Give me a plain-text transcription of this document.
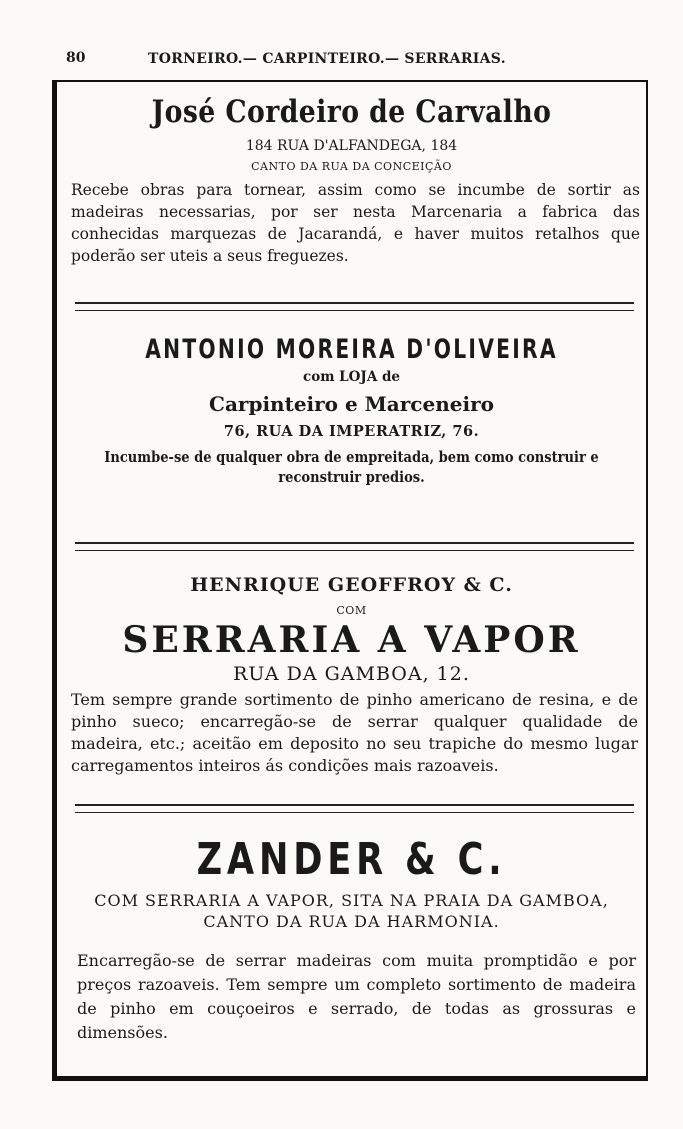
80	TORNEIRO.— CARPINTEIRO.— SERRARIAS.
José Cordeiro de Carvalho
184 RUA D'ALFANDEGA, 184
CANTO DA RUA DA CONCEIÇÃO
Recebe obras para tornear, assim como se incumbe de sortir as madeiras necessarias, por ser nesta Marcenaria a fabrica das conhecidas marquezas de Jacarandá, e haver muitos retalhos que poderão ser uteis a seus freguezes.
ANTONIO MOREIRA D'OLIVEIRA
com LOJA de
Carpinteiro e Marceneiro
76, RUA DA IMPERATRIZ, 76.
Incumbe-se de qualquer obra de empreitada, bem como construir e
reconstruir predios.
HENRIQUE GEOFFROY & C.
COM
SERRARIA A VAPOR
RUA DA GAMBOA, 12.
Tem sempre grande sortimento de pinho americano de resina, e de pinho sueco; encarregão-se de serrar qualquer qualidade de madeira, etc.; aceitão em deposito no seu trapiche do mesmo lugar carregamentos inteiros ás condições mais razoaveis.
ZANDER & C.
COM SERRARIA A VAPOR, SITA NA PRAIA DA GAMBOA,
CANTO DA RUA DA HARMONIA.
Encarregão-se de serrar madeiras com muita promptidão e por preços razoaveis. Tem sempre um completo sortimento de madeira de pinho em couçoeiros e serrado, de todas as grossuras e dimensões.
